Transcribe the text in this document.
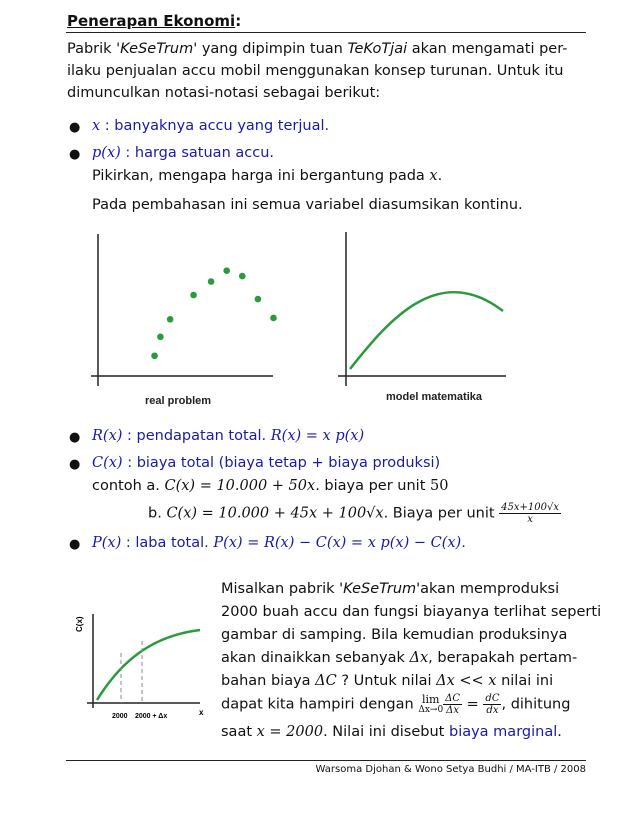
Penerapan Ekonomi:
Pabrik 'KeSeTrum' yang dipimpin tuan TeKoTjai akan mengamati per-
ilaku penjualan accu mobil menggunakan konsep turunan. Untuk itu
dimunculkan notasi-notasi sebagai berikut:
● x : banyaknya accu yang terjual.
● p(x) : harga satuan accu.
Pikirkan, mengapa harga ini bergantung pada x.
Pada pembahasan ini semua variabel diasumsikan kontinu.
real problem	model matematika
● R(x) : pendapatan total. R(x) = x p(x)
● C(x) : biaya total (biaya tetap + biaya produksi)
contoh a. C(x) = 10.000 + 50x. biaya per unit 50
b. C(x) = 10.000 + 45x + 100√x. Biaya per unit $\frac{45x+100√x}{x}$
● P(x) : laba total. P(x) = R(x) − C(x) = x p(x) − C(x).
C(x)
x
2000 2000 + Δx
Misalkan pabrik 'KeSeTrum'akan memproduksi
2000 buah accu dan fungsi biayanya terlihat seperti
gambar di samping. Bila kemudian produksinya
akan dinaikkan sebanyak Δx, berapakah pertam-
bahan biaya ΔC ? Untuk nilai Δx << x nilai ini
dapat kita hampiri dengan lim
$\Delta x\to 0 \frac{\Delta C}{\Delta x} = \frac{dC}{dx}$ , dihitung
saat x = 2000. Nilai ini disebut biaya marginal.
Warsoma Djohan & Wono Setya Budhi / MA-ITB / 2008
